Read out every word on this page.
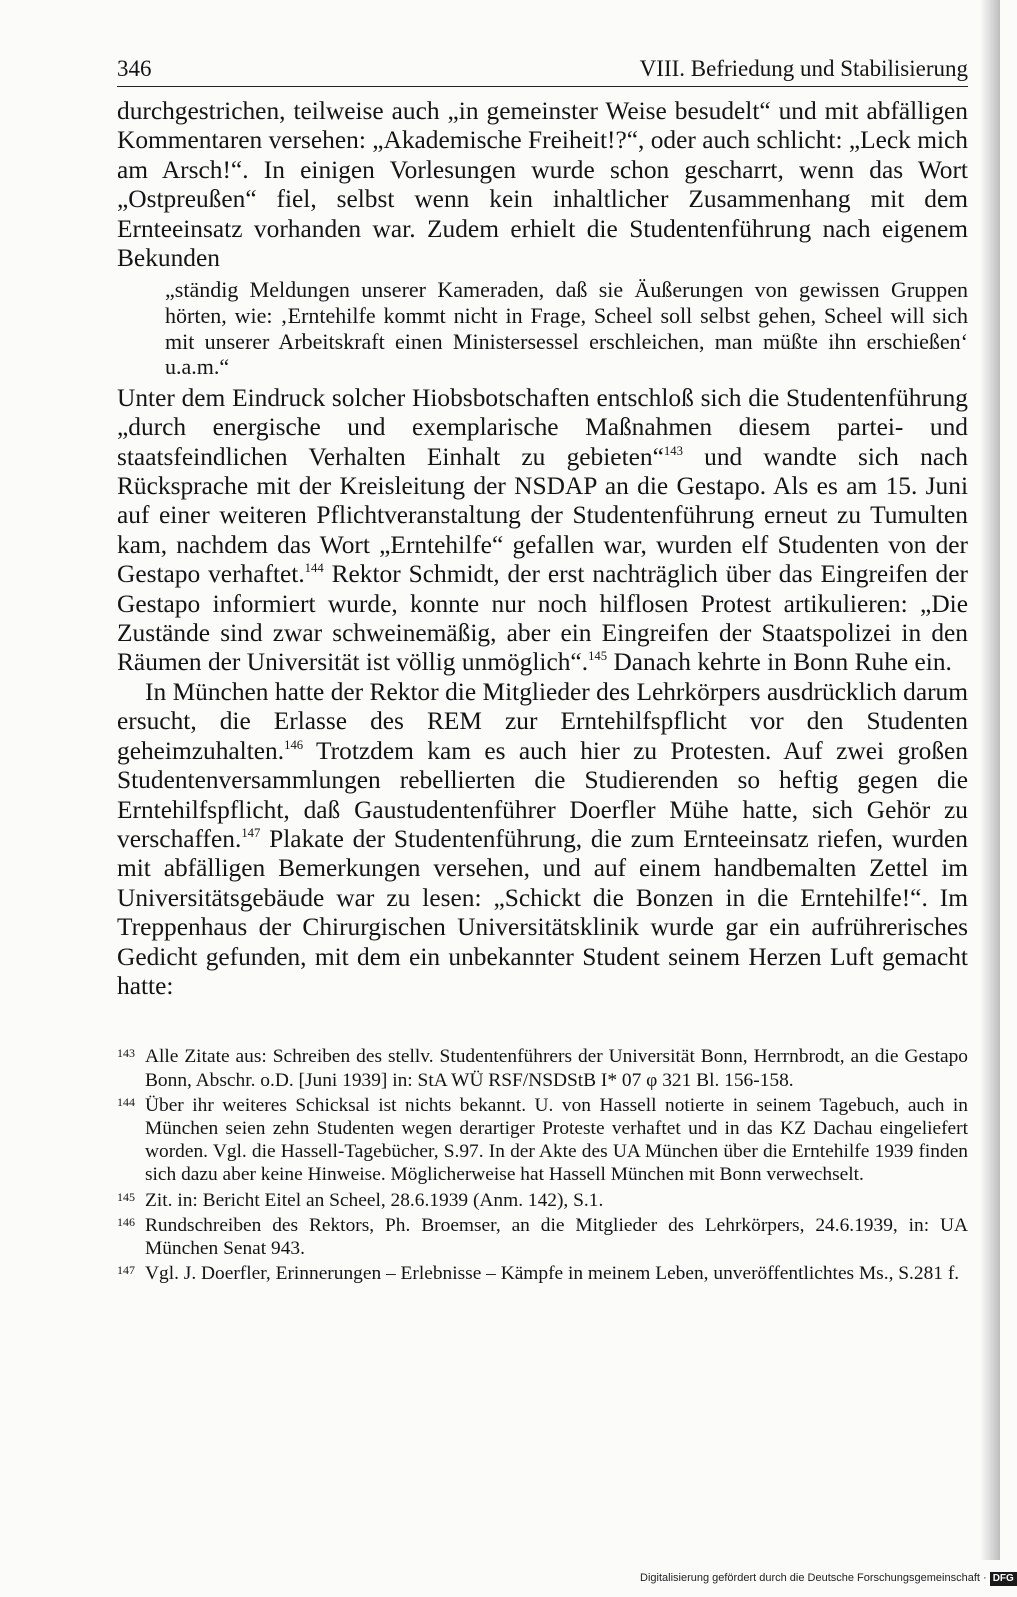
346	VIII. Befriedung und Stabilisierung

durchgestrichen, teilweise auch „in gemeinster Weise besudelt“ und mit abfälligen Kommentaren versehen: „Akademische Freiheit!?“, oder auch schlicht: „Leck mich am Arsch!“. In einigen Vorlesungen wurde schon gescharrt, wenn das Wort „Ostpreußen“ fiel, selbst wenn kein inhaltlicher Zusammenhang mit dem Ernteeinsatz vorhanden war. Zudem erhielt die Studentenführung nach eigenem Bekunden

„ständig Meldungen unserer Kameraden, daß sie Äußerungen von gewissen Gruppen hörten, wie: ‚Erntehilfe kommt nicht in Frage, Scheel soll selbst gehen, Scheel will sich mit unserer Arbeitskraft einen Ministersessel erschleichen, man müßte ihn erschießen‘ u.a.m.“

Unter dem Eindruck solcher Hiobsbotschaften entschloß sich die Studentenführung „durch energische und exemplarische Maßnahmen diesem partei- und staatsfeindlichen Verhalten Einhalt zu gebieten“$^{143}$ und wandte sich nach Rücksprache mit der Kreisleitung der NSDAP an die Gestapo. Als es am 15. Juni auf einer weiteren Pflichtveranstaltung der Studentenführung erneut zu Tumulten kam, nachdem das Wort „Erntehilfe“ gefallen war, wurden elf Studenten von der Gestapo verhaftet.$^{144}$ Rektor Schmidt, der erst nachträglich über das Eingreifen der Gestapo informiert wurde, konnte nur noch hilflosen Protest artikulieren: „Die Zustände sind zwar schweinemäßig, aber ein Eingreifen der Staatspolizei in den Räumen der Universität ist völlig unmöglich“.$^{145}$ Danach kehrte in Bonn Ruhe ein.

In München hatte der Rektor die Mitglieder des Lehrkörpers ausdrücklich darum ersucht, die Erlasse des REM zur Erntehilfspflicht vor den Studenten geheimzuhalten.$^{146}$ Trotzdem kam es auch hier zu Protesten. Auf zwei großen Studentenversammlungen rebellierten die Studierenden so heftig gegen die Erntehilfspflicht, daß Gaustudentenführer Doerfler Mühe hatte, sich Gehör zu verschaffen.$^{147}$ Plakate der Studentenführung, die zum Ernteeinsatz riefen, wurden mit abfälligen Bemerkungen versehen, und auf einem handbemalten Zettel im Universitätsgebäude war zu lesen: „Schickt die Bonzen in die Erntehilfe!“. Im Treppenhaus der Chirurgischen Universitätsklinik wurde gar ein aufrührerisches Gedicht gefunden, mit dem ein unbekannter Student seinem Herzen Luft gemacht hatte:

143 Alle Zitate aus: Schreiben des stellv. Studentenführers der Universität Bonn, Herrnbrodt, an die Gestapo Bonn, Abschr. o.D. [Juni 1939] in: StA WÜ RSF/NSDStB I* 07 φ 321 Bl. 156-158.
144 Über ihr weiteres Schicksal ist nichts bekannt. U. von Hassell notierte in seinem Tagebuch, auch in München seien zehn Studenten wegen derartiger Proteste verhaftet und in das KZ Dachau eingeliefert worden. Vgl. die Hassell-Tagebücher, S.97. In der Akte des UA München über die Erntehilfe 1939 finden sich dazu aber keine Hinweise. Möglicherweise hat Hassell München mit Bonn verwechselt.
145 Zit. in: Bericht Eitel an Scheel, 28.6.1939 (Anm. 142), S.1.
146 Rundschreiben des Rektors, Ph. Broemser, an die Mitglieder des Lehrkörpers, 24.6.1939, in: UA München Senat 943.
147 Vgl. J. Doerfler, Erinnerungen – Erlebnisse – Kämpfe in meinem Leben, unveröffentlichtes Ms., S.281 f.
Digitalisierung gefördert durch die Deutsche Forschungsgemeinschaft · DFG
